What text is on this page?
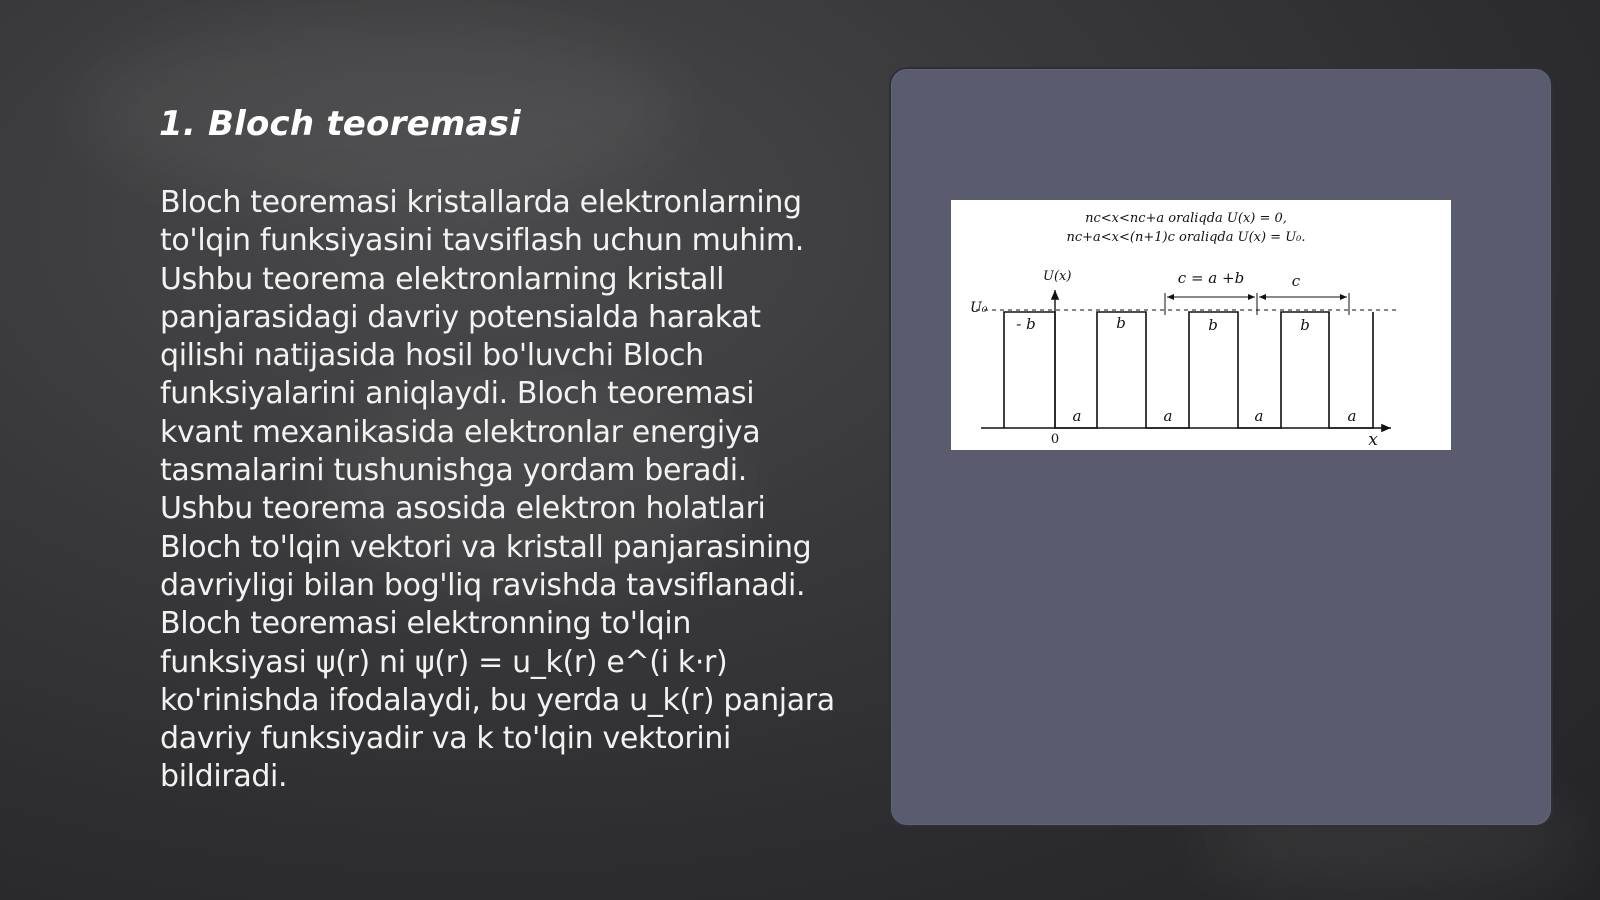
1. Bloch teoremasi

Bloch teoremasi kristallarda elektronlarning to'lqin funksiyasini tavsiflash uchun muhim. Ushbu teorema elektronlarning kristall panjarasidagi davriy potensialda harakat qilishi natijasida hosil bo'luvchi Bloch funksiyalarini aniqlaydi. Bloch teoremasi kvant mexanikasida elektronlar energiya tasmalarini tushunishga yordam beradi. Ushbu teorema asosida elektron holatlari Bloch to'lqin vektori va kristall panjarasining davriyligi bilan bog'liq ravishda tavsiflanadi. Bloch teoremasi elektronning to'lqin funksiyasi ψ(r) ni ψ(r) = u_k(r) e^(i k·r) ko'rinishda ifodalaydi, bu yerda u_k(r) panjara davriy funksiyadir va k to'lqin vektorini bildiradi.

nc<x<nc+a oraliqda U(x) = 0,
nc+a<x<(n+1)c oraliqda U(x) = U₀.
U(x)
U₀
c = a +b	c
0	x
- b	b	b	b
a	a	a	a
